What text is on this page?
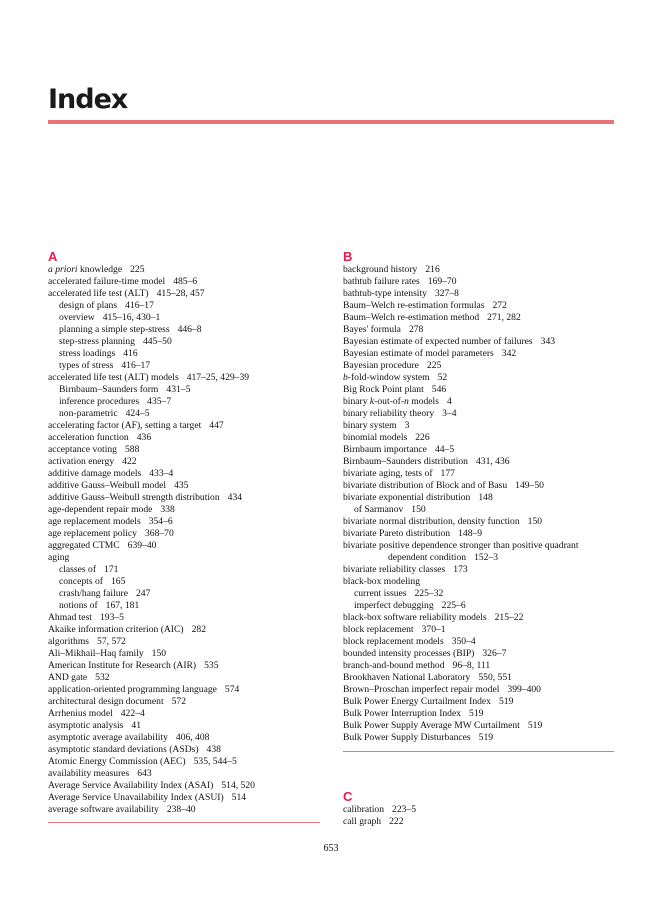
Index
A
a priori knowledge 225
accelerated failure-time model 485–6
accelerated life test (ALT) 415–28, 457
design of plans 416–17
overview 415–16, 430–1
planning a simple step-stress 446–8
step-stress planning 445–50
stress loadings 416
types of stress 416–17
accelerated life test (ALT) models 417–25, 429–39
Birnbaum–Saunders form 431–5
inference procedures 435–7
non-parametric 424–5
accelerating factor (AF), setting a target 447
acceleration function 436
acceptance voting 588
activation energy 422
additive damage models 433–4
additive Gauss–Weibull model 435
additive Gauss–Weibull strength distribution 434
age-dependent repair mode 338
age replacement models 354–6
age replacement policy 368–70
aggregated CTMC 639–40
aging
classes of 171
concepts of 165
crash/hang failure 247
notions of 167, 181
Ahmad test 193–5
Akaike information criterion (AIC) 282
algorithms 57, 572
Ali–Mikhail–Haq family 150
American Institute for Research (AIR) 535
AND gate 532
application-oriented programming language 574
architectural design document 572
Arrhenius model 422–4
asymptotic analysis 41
asymptotic average availability 406, 408
asymptotic standard deviations (ASDs) 438
Atomic Energy Commission (AEC) 535, 544–5
availability measures 643
Average Service Availability Index (ASAI) 514, 520
Average Service Unavailability Index (ASUI) 514
average software availability 238–40
B
background history 216
bathtub failure rates 169–70
bathtub-type intensity 327–8
Baum–Welch re-estimation formulas 272
Baum–Welch re-estimation method 271, 282
Bayes' formula 278
Bayesian estimate of expected number of failures 343
Bayesian estimate of model parameters 342
Bayesian procedure 225
b-fold-window system 52
Big Rock Point plant 546
binary k-out-of-n models 4
binary reliability theory 3–4
binary system 3
binomial models 226
Birnbaum importance 44–5
Birnbaum–Saunders distribution 431, 436
bivariate aging, tests of 177
bivariate distribution of Block and of Basu 149–50
bivariate exponential distribution 148
of Sarmanov 150
bivariate normal distribution, density function 150
bivariate Pareto distribution 148–9
bivariate positive dependence stronger than positive quadrant
dependent condition 152–3
bivariate reliability classes 173
black-box modeling
current issues 225–32
imperfect debugging 225–6
black-box software reliability models 215–22
block replacement 370–1
block replacement models 350–4
bounded intensity processes (BIP) 326–7
branch-and-bound method 96–8, 111
Brookhaven National Laboratory 550, 551
Brown–Proschan imperfect repair model 399–400
Bulk Power Energy Curtailment Index 519
Bulk Power Interruption Index 519
Bulk Power Supply Average MW Curtailment 519
Bulk Power Supply Disturbances 519
C
calibration 223–5
call graph 222
653
